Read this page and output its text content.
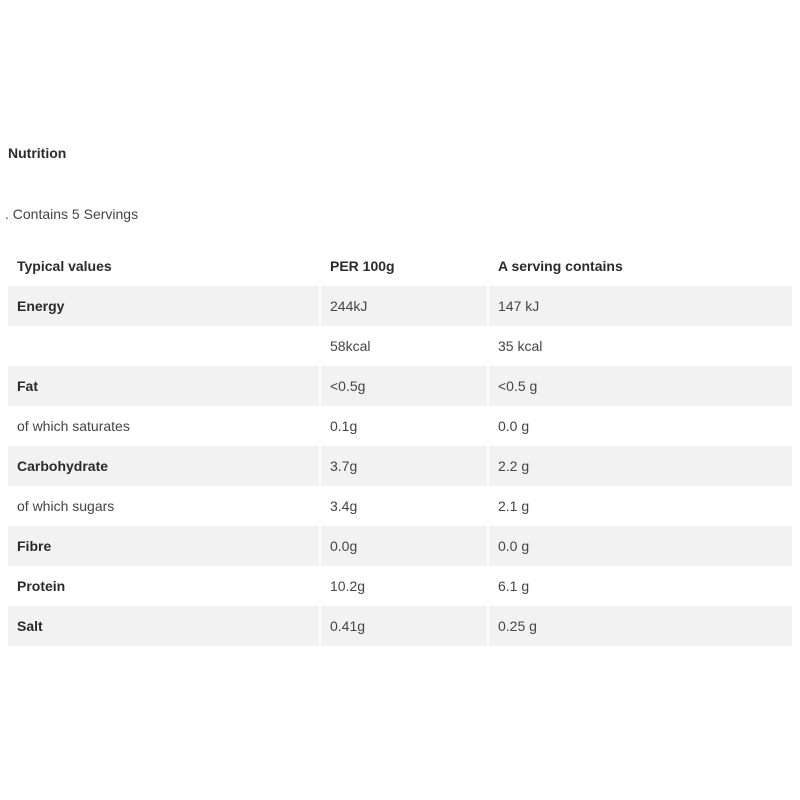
Nutrition

. Contains 5 Servings

Typical values	PER 100g	A serving contains
Energy	244kJ	147 kJ
	58kcal	35 kcal
Fat	<0.5g	<0.5 g
of which saturates	0.1g	0.0 g
Carbohydrate	3.7g	2.2 g
of which sugars	3.4g	2.1 g
Fibre	0.0g	0.0 g
Protein	10.2g	6.1 g
Salt	0.41g	0.25 g
